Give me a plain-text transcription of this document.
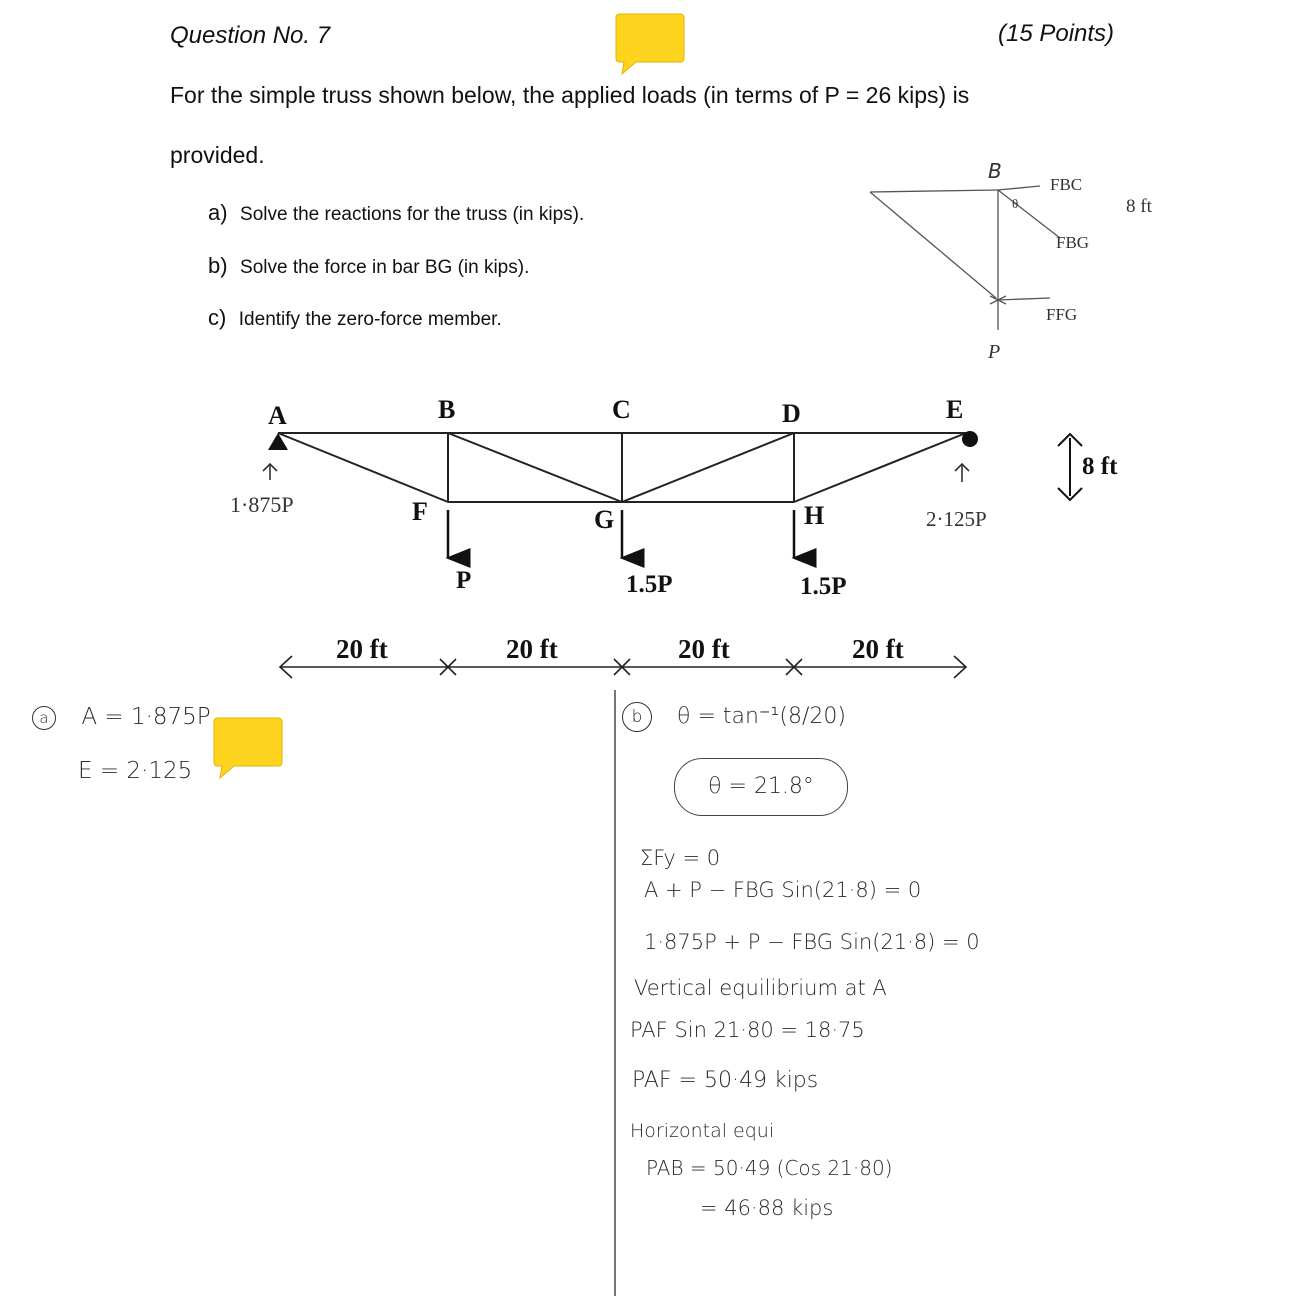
Question No. 7	(15 Points)
For the simple truss shown below, the applied loads (in terms of P = 26 kips) is
provided.
a) Solve the reactions for the truss (in kips).
b) Solve the force in bar BG (in kips).
c) Identify the zero-force member.
B
θ
FBC
8 ft
FBG
FFG
P
A	B	C	D	E
F	G	H
P	1.5P	1.5P
8 ft
20 ft	20 ft	20 ft	20 ft
1·875P
2·125P
a A = 1·875P
E = 2·125
b θ = tan⁻¹(8/20)
θ = 21.8°
ΣFy = 0
A + P − FBG Sin(21·8) = 0
1·875P + P − FBG Sin(21·8) = 0
Vertical equilibrium at A
PAF Sin 21·80 = 18·75
PAF = 50·49 kips
Horizontal equi
PAB = 50·49 (Cos 21·80)
= 46·88 kips
